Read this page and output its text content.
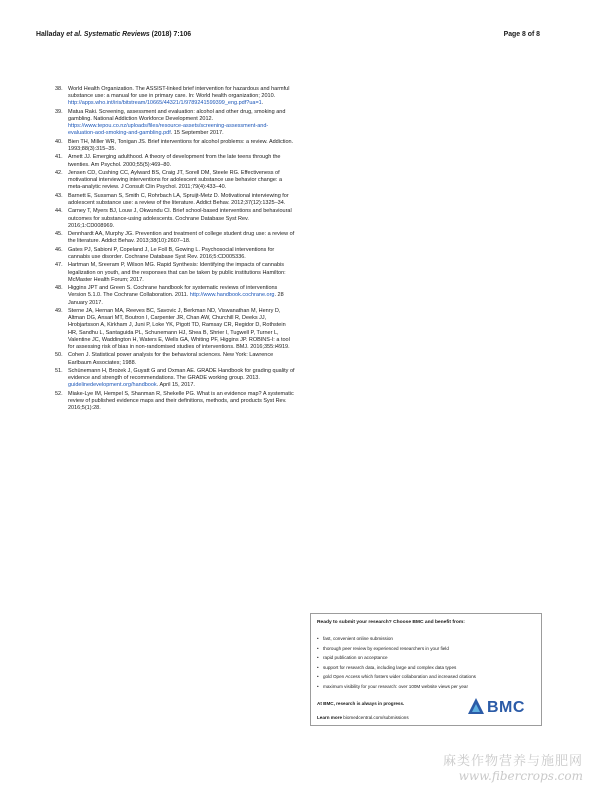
Halladay et al. Systematic Reviews (2018) 7:106	Page 8 of 8
38. World Health Organization. The ASSIST-linked brief intervention for hazardous and harmful substance use: a manual for use in primary care. In: World health organization; 2010. http://apps.who.int/iris/bitstream/10665/44321/1/9789241599399_eng.pdf?ua=1.
39. Matua Raki. Screening, assessment and evaluation: alcohol and other drug, smoking and gambling. National Addiction Workforce Development 2012. https://www.tepou.co.nz/uploads/files/resource-assets/screening-assessment-and-evaluation-aod-smoking-and-gambling.pdf. 15 September 2017.
40. Bien TH, Miller WR, Tonigan JS. Brief interventions for alcohol problems: a review. Addiction. 1993;88(3):315–35.
41. Arnett JJ. Emerging adulthood. A theory of development from the late teens through the twenties. Am Psychol. 2000;55(5):469–80.
42. Jensen CD, Cushing CC, Aylward BS, Craig JT, Sorell DM, Steele RG. Effectiveness of motivational interviewing interventions for adolescent substance use behavior change: a meta-analytic review. J Consult Clin Psychol. 2011;79(4):433–40.
43. Barnett E, Sussman S, Smith C, Rohrbach LA, Spruijt-Metz D. Motivational interviewing for adolescent substance use: a review of the literature. Addict Behav. 2012;37(12):1325–34.
44. Carney T, Myers BJ, Louw J, Okwundu CI. Brief school-based interventions and behavioural outcomes for substance-using adolescents. Cochrane Database Syst Rev. 2016;1:CD008969.
45. Dennhardt AA, Murphy JG. Prevention and treatment of college student drug use: a review of the literature. Addict Behav. 2013;38(10):2607–18.
46. Gates PJ, Sabioni P, Copeland J, Le Foll B, Gowing L. Psychosocial interventions for cannabis use disorder. Cochrane Database Syst Rev. 2016;5:CD005336.
47. Hartman M, Sreeram P, Wilson MG. Rapid Synthesis: Identifying the impacts of cannabis legalization on youth, and the responses that can be taken by public institutions Hamilton: McMaster Health Forum; 2017.
48. Higgins JPT and Green S. Cochrane handbook for systematic reviews of interventions Version 5.1.0. The Cochrane Collaboration. 2011. http://www.handbook.cochrane.org. 28 January 2017.
49. Sterne JA, Hernan MA, Reeves BC, Savovic J, Berkman ND, Viswanathan M, Henry D, Altman DG, Ansari MT, Boutron I, Carpenter JR, Chan AW, Churchill R, Deeks JJ, Hrobjartsson A, Kirkham J, Juni P, Loke YK, Pigott TD, Ramsay CR, Regidor D, Rothstein HR, Sandhu L, Santaguida PL, Schunemann HJ, Shea B, Shrier I, Tugwell P, Turner L, Valentine JC, Waddington H, Waters E, Wells GA, Whiting PF, Higgins JP. ROBINS-I: a tool for assessing risk of bias in non-randomised studies of interventions. BMJ. 2016;355:i4919.
50. Cohen J. Statistical power analysis for the behavioral sciences. New York: Lawrence Earlbaum Associates; 1988.
51. Schünemann H, Brożek J, Guyatt G and Oxman AE. GRADE Handbook for grading quality of evidence and strength of recommendations. The GRADE working group. 2013. guidelinedevelopment.org/handbook. April 15, 2017.
52. Miake-Lye IM, Hempel S, Shanman R, Shekelle PG. What is an evidence map? A systematic review of published evidence maps and their definitions, methods, and products Syst Rev. 2016;5(1):28.
Ready to submit your research? Choose BMC and benefit from:
• fast, convenient online submission
• thorough peer review by experienced researchers in your field
• rapid publication on acceptance
• support for research data, including large and complex data types
• gold Open Access which fosters wider collaboration and increased citations
• maximum visibility for your research: over 100M website views per year
At BMC, research is always in progress.
Learn more biomedcentral.com/submissions
BMC
麻类作物营养与施肥网
www.fibercrops.com
